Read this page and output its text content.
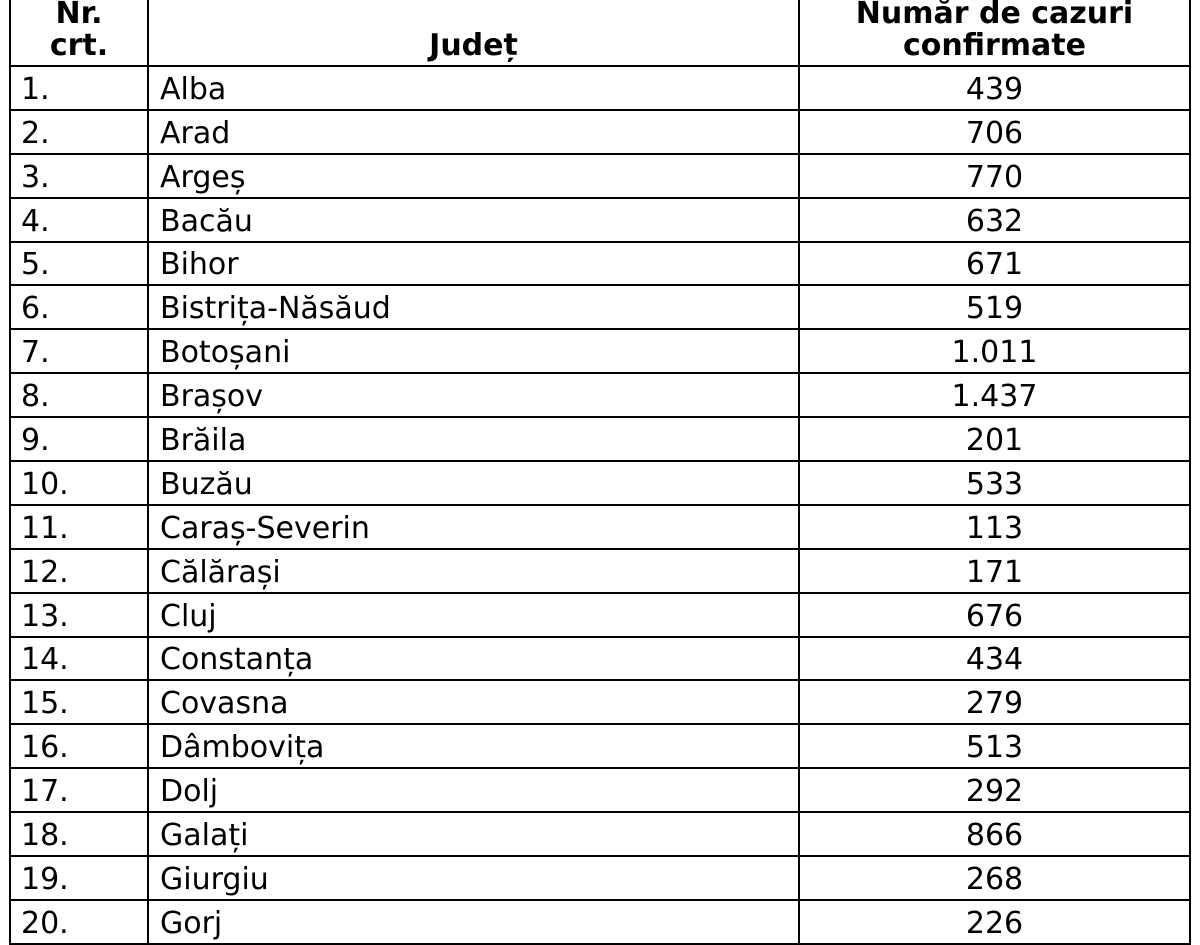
Nr.
crt.	Județ	Număr de cazuri
confirmate

1.	Alba	439
2.	Arad	706
3.	Argeș	770
4.	Bacău	632
5.	Bihor	671
6.	Bistrița-Năsăud	519
7.	Botoșani	1.011
8.	Brașov	1.437
9.	Brăila	201
10.	Buzău	533
11.	Caraș-Severin	113
12.	Călărași	171
13.	Cluj	676
14.	Constanța	434
15.	Covasna	279
16.	Dâmbovița	513
17.	Dolj	292
18.	Galați	866
19.	Giurgiu	268
20.	Gorj	226
